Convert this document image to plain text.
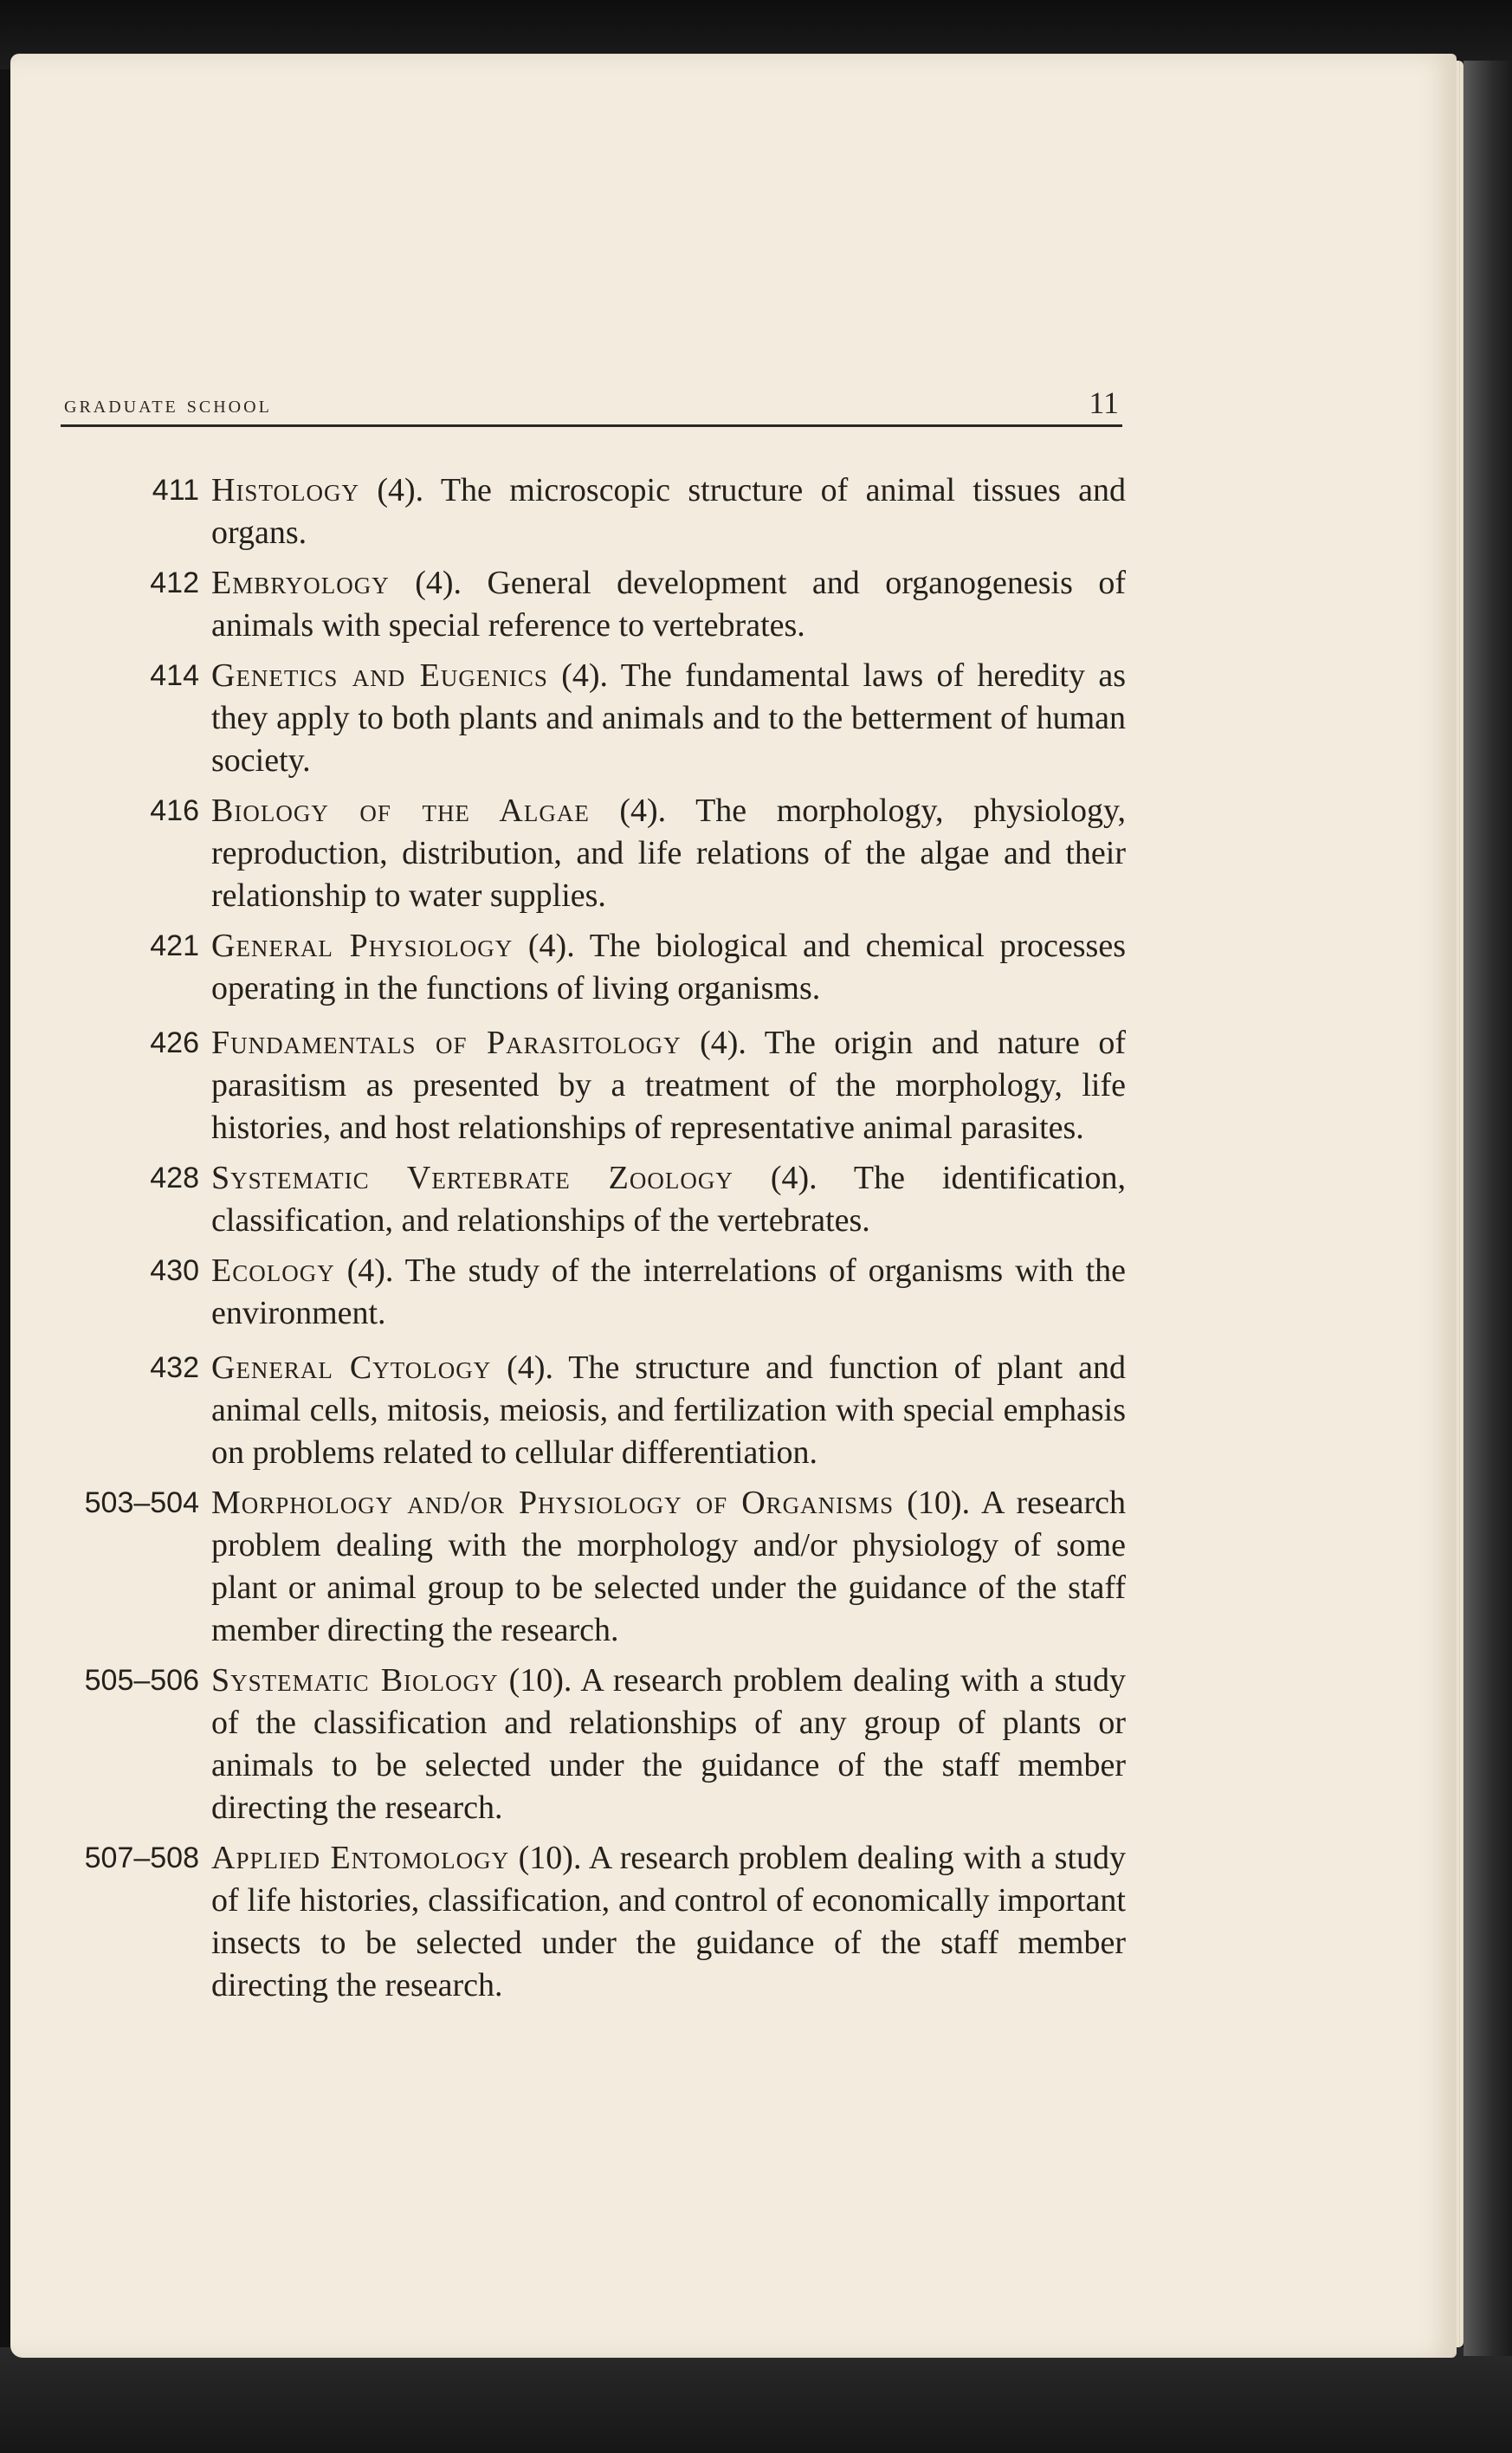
graduate school	11
411 Histology (4). The microscopic structure of animal tissues and organs.
412 Embryology (4). General development and organogenesis of animals with special reference to vertebrates.
414 Genetics and Eugenics (4). The fundamental laws of heredity as they apply to both plants and animals and to the betterment of human society.
416 Biology of the Algae (4). The morphology, physiology, reproduction, distribution, and life relations of the algae and their relationship to water supplies.
421 General Physiology (4). The biological and chemical processes operating in the functions of living organisms.
426 Fundamentals of Parasitology (4). The origin and nature of parasitism as presented by a treatment of the morphology, life histories, and host relationships of representative animal parasites.
428 Systematic Vertebrate Zoology (4). The identification, classification, and relationships of the vertebrates.
430 Ecology (4). The study of the interrelations of organisms with the environment.
432 General Cytology (4). The structure and function of plant and animal cells, mitosis, meiosis, and fertilization with special emphasis on problems related to cellular differentiation.
503–504 Morphology and/or Physiology of Organisms (10). A research problem dealing with the morphology and/or physiology of some plant or animal group to be selected under the guidance of the staff member directing the research.
505–506 Systematic Biology (10). A research problem dealing with a study of the classification and relationships of any group of plants or animals to be selected under the guidance of the staff member directing the research.
507–508 Applied Entomology (10). A research problem dealing with a study of life histories, classification, and control of economically important insects to be selected under the guidance of the staff member directing the research.
